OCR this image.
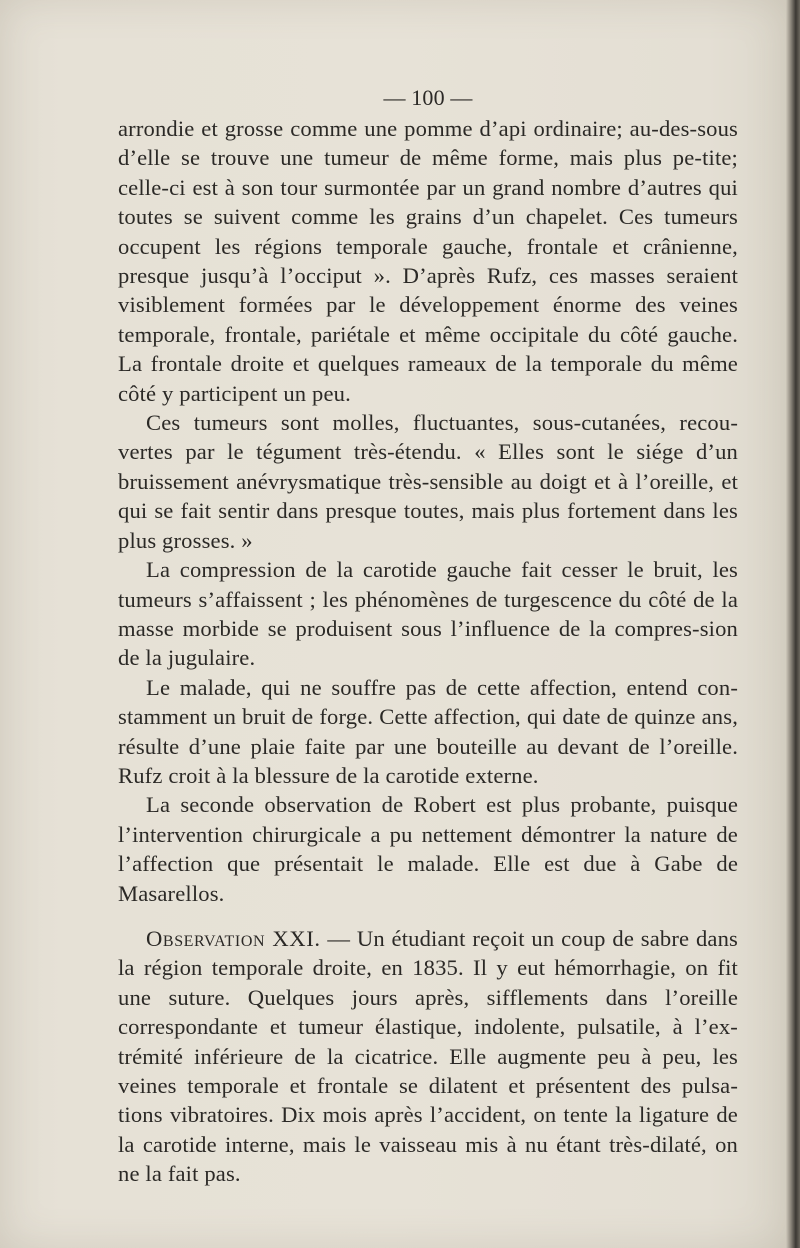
— 100 —

arrondie et grosse comme une pomme d’api ordinaire; au-des-sous d’elle se trouve une tumeur de même forme, mais plus pe-tite; celle-ci est à son tour surmontée par un grand nombre d’autres qui toutes se suivent comme les grains d’un chapelet. Ces tumeurs occupent les régions temporale gauche, frontale et crânienne, presque jusqu’à l’occiput ». D’après Rufz, ces masses seraient visiblement formées par le développement énorme des veines temporale, frontale, pariétale et même occipitale du côté gauche. La frontale droite et quelques rameaux de la temporale du même côté y participent un peu.

Ces tumeurs sont molles, fluctuantes, sous-cutanées, recou-vertes par le tégument très-étendu. « Elles sont le siége d’un bruissement anévrysmatique très-sensible au doigt et à l’oreille, et qui se fait sentir dans presque toutes, mais plus fortement dans les plus grosses. »

La compression de la carotide gauche fait cesser le bruit, les tumeurs s’affaissent ; les phénomènes de turgescence du côté de la masse morbide se produisent sous l’influence de la compres-sion de la jugulaire.

Le malade, qui ne souffre pas de cette affection, entend con-stamment un bruit de forge. Cette affection, qui date de quinze ans, résulte d’une plaie faite par une bouteille au devant de l’oreille. Rufz croit à la blessure de la carotide externe.

La seconde observation de Robert est plus probante, puisque l’intervention chirurgicale a pu nettement démontrer la nature de l’affection que présentait le malade. Elle est due à Gabe de Masarellos.

Observation XXI. — Un étudiant reçoit un coup de sabre dans la région temporale droite, en 1835. Il y eut hémorrhagie, on fit une suture. Quelques jours après, sifflements dans l’oreille correspondante et tumeur élastique, indolente, pulsatile, à l’ex-trémité inférieure de la cicatrice. Elle augmente peu à peu, les veines temporale et frontale se dilatent et présentent des pulsa-tions vibratoires. Dix mois après l’accident, on tente la ligature de la carotide interne, mais le vaisseau mis à nu étant très-dilaté, on ne la fait pas.
